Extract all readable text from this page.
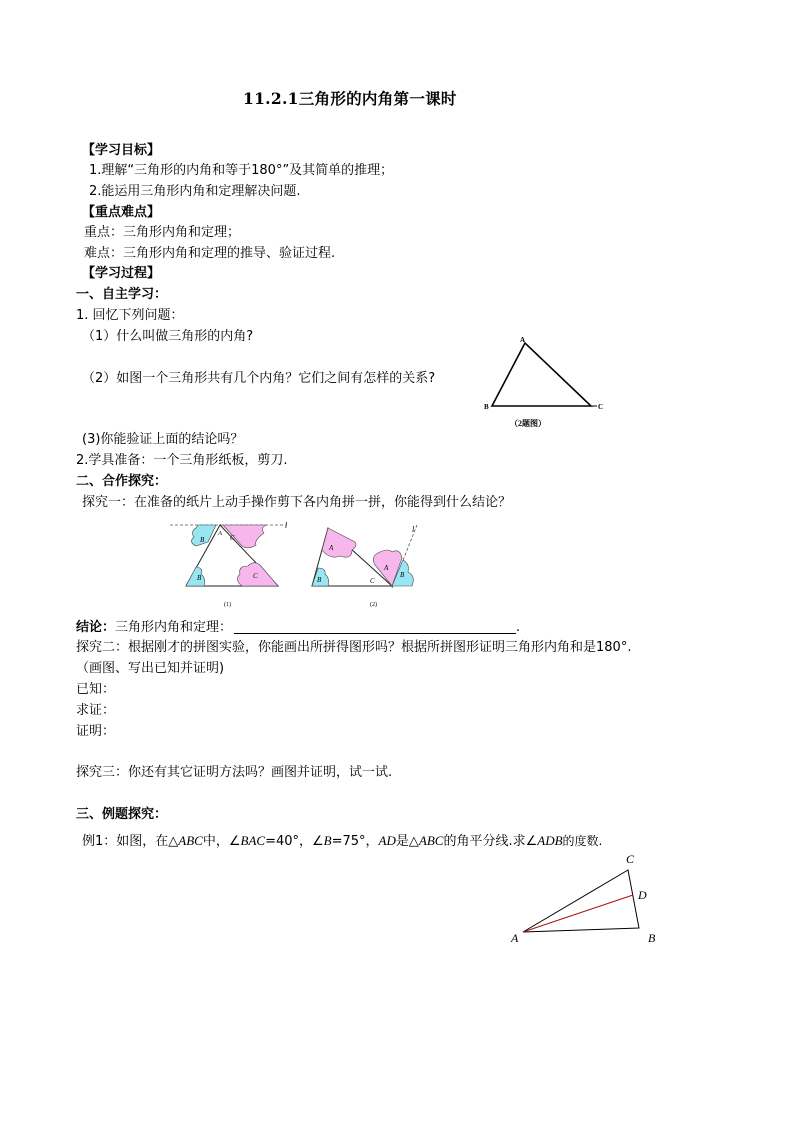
11.2.1三角形的内角第一课时
【学习目标】
1.理解“三角形的内角和等于180°”及其简单的推理；
2.能运用三角形内角和定理解决问题.
【重点难点】
重点：三角形内角和定理；
难点：三角形内角和定理的推导、验证过程.
【学习过程】
一、自主学习：
1. 回忆下列问题：
（1）什么叫做三角形的内角?
（2）如图一个三角形共有几个内角？它们之间有怎样的关系?
(3)你能验证上面的结论吗？
2.学具准备：一个三角形纸板，剪刀.
A
B	C
（2题图）
二、合作探究：
探究一：在准备的纸片上动手操作剪下各内角拼一拼，你能得到什么结论？
l
A
B	C
B	C
(1)
l
A
B	C
A
B
(2)
结论：三角形内角和定理：	.
探究二：根据刚才的拼图实验，你能画出所拼得图形吗？根据所拼图形证明三角形内角和是180°.
（画图、写出已知并证明)
已知：
求证：
证明：
探究三：你还有其它证明方法吗？画图并证明，试一试.
三、例题探究：
例1：如图，在△ABC中，∠BAC=40°，∠B=75°，AD是△ABC的角平分线.求∠ADB的度数.
A	B
C
D
